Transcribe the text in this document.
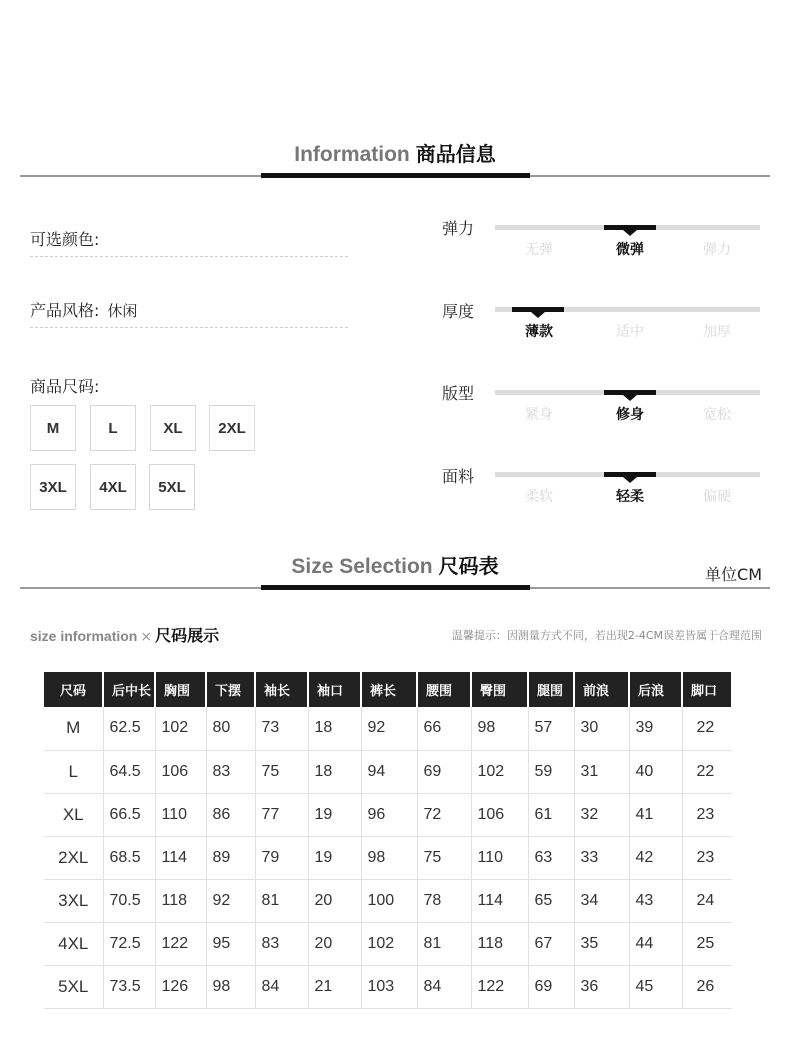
Information 商品信息
可选颜色:
产品风格: 休闲
商品尺码:
M	L	XL	2XL
3XL	4XL	5XL
弹力
无弹	微弹	弹力
厚度
薄款	适中	加厚
版型
紧身	修身	宽松
面料
柔软	轻柔	偏硬
Size Selection 尺码表	单位CM
size information × 尺码展示	温馨提示：因测量方式不同，若出现2-4CM误差皆属于合理范围
尺码	后中长	胸围	下摆	袖长	袖口	裤长	腰围	臀围	腿围	前浪	后浪	脚口
M	62.5	102	80	73	18	92	66	98	57	30	39	22
L	64.5	106	83	75	18	94	69	102	59	31	40	22
XL	66.5	110	86	77	19	96	72	106	61	32	41	23
2XL	68.5	114	89	79	19	98	75	110	63	33	42	23
3XL	70.5	118	92	81	20	100	78	114	65	34	43	24
4XL	72.5	122	95	83	20	102	81	118	67	35	44	25
5XL	73.5	126	98	84	21	103	84	122	69	36	45	26
